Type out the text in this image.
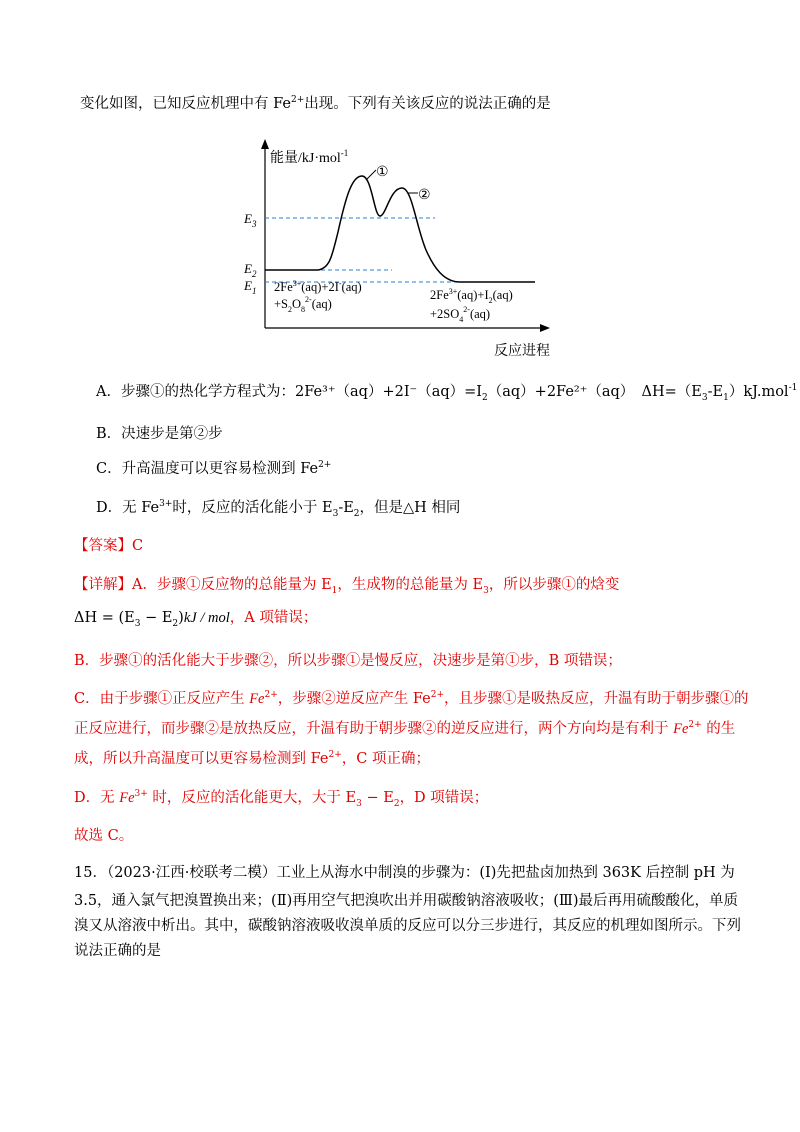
变化如图，已知反应机理中有 $Fe^{2+}$出现。下列有关该反应的说法正确的是
能量/kJ·mol$^{-1}$
反应进程
$E_3$
$E_2$
$E_1$
①
②
$2Fe^{3+}(aq)+2I^-(aq)$
$+S_2O_8^{2-}(aq)$
$2Fe^{3+}(aq)+I_2(aq)$
$+2SO_4^{2-}(aq)$
A．步骤①的热化学方程式为：$2Fe^{3+}(aq)+2I^-(aq)=I_2(aq)+2Fe^{2+}(aq)$　$\Delta H=(E_3-E_1)kJ.mol^{-1}$
B．决速步是第②步
C．升高温度可以更容易检测到 $Fe^{2+}$
D．无 $Fe^{3+}$时，反应的活化能小于 $E_3-E_2$，但是△H 相同
【答案】C
【详解】A．步骤①反应物的总能量为 $E_1$，生成物的总能量为 $E_3$，所以步骤①的焓变
$\Delta H = (E_3 - E_2)kJ$ / mol，A 项错误；
B．步骤①的活化能大于步骤②，所以步骤①是慢反应，决速步是第①步，B 项错误；
C．由于步骤①正反应产生 $Fe^{2+}$，步骤②逆反应产生 $Fe^{2+}$，且步骤①是吸热反应，升温有助于朝步骤①的
正反应进行，而步骤②是放热反应，升温有助于朝步骤②的逆反应进行，两个方向均是有利于 $Fe^{2+}$ 的生
成，所以升高温度可以更容易检测到 $Fe^{2+}$，C 项正确；
D．无 $Fe^{3+}$ 时，反应的活化能更大，大于 $E_3 - E_2$，D 项错误；
故选 C。
15．（2023·江西·校联考二模）工业上从海水中制溴的步骤为：(Ⅰ)先把盐卤加热到 363K 后控制 pH 为
3.5，通入氯气把溴置换出来；(Ⅱ)再用空气把溴吹出并用碳酸钠溶液吸收；(Ⅲ)最后再用硫酸酸化，单质
溴又从溶液中析出。其中，碳酸钠溶液吸收溴单质的反应可以分三步进行，其反应的机理如图所示。下列
说法正确的是
